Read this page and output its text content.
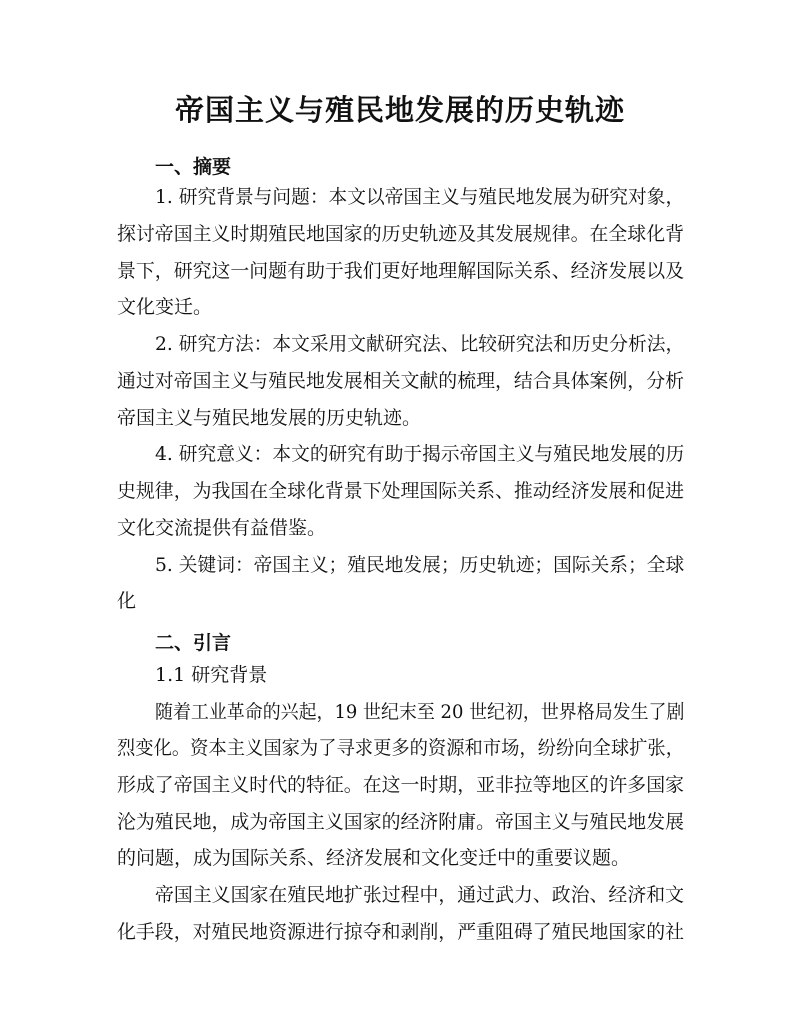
帝国主义与殖民地发展的历史轨迹
一、摘要
1. 研究背景与问题：本文以帝国主义与殖民地发展为研究对象，
探讨帝国主义时期殖民地国家的历史轨迹及其发展规律。在全球化背
景下，研究这一问题有助于我们更好地理解国际关系、经济发展以及
文化变迁。
2. 研究方法：本文采用文献研究法、比较研究法和历史分析法，
通过对帝国主义与殖民地发展相关文献的梳理，结合具体案例，分析
帝国主义与殖民地发展的历史轨迹。
4. 研究意义：本文的研究有助于揭示帝国主义与殖民地发展的历
史规律，为我国在全球化背景下处理国际关系、推动经济发展和促进
文化交流提供有益借鉴。
5. 关键词：帝国主义；殖民地发展；历史轨迹；国际关系；全球
化
二、引言
1.1 研究背景
随着工业革命的兴起，19 世纪末至 20 世纪初，世界格局发生了剧
烈变化。资本主义国家为了寻求更多的资源和市场，纷纷向全球扩张，
形成了帝国主义时代的特征。在这一时期，亚非拉等地区的许多国家
沦为殖民地，成为帝国主义国家的经济附庸。帝国主义与殖民地发展
的问题，成为国际关系、经济发展和文化变迁中的重要议题。
帝国主义国家在殖民地扩张过程中，通过武力、政治、经济和文
化手段，对殖民地资源进行掠夺和剥削，严重阻碍了殖民地国家的社
